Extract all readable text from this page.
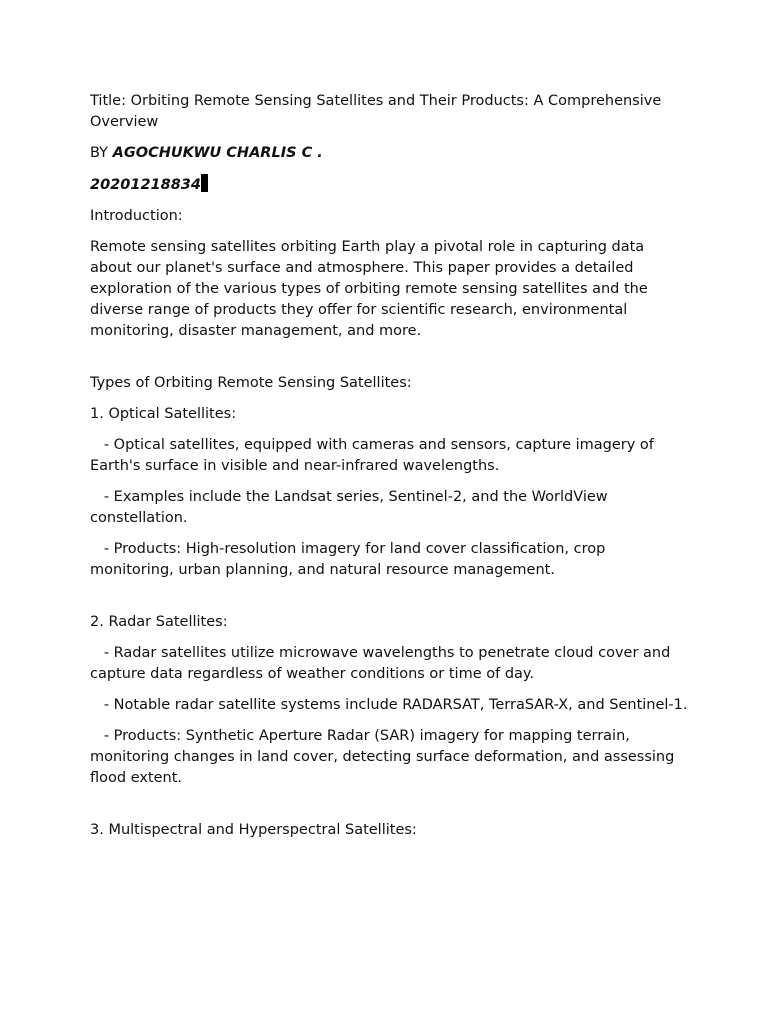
Title: Orbiting Remote Sensing Satellites and Their Products: A Comprehensive Overview

BY AGOCHUKWU CHARLIS C .

20201218834

Introduction:

Remote sensing satellites orbiting Earth play a pivotal role in capturing data about our planet's surface and atmosphere. This paper provides a detailed exploration of the various types of orbiting remote sensing satellites and the diverse range of products they offer for scientific research, environmental monitoring, disaster management, and more.

Types of Orbiting Remote Sensing Satellites:

1. Optical Satellites:

- Optical satellites, equipped with cameras and sensors, capture imagery of Earth's surface in visible and near-infrared wavelengths.

- Examples include the Landsat series, Sentinel-2, and the WorldView constellation.

- Products: High-resolution imagery for land cover classification, crop monitoring, urban planning, and natural resource management.

2. Radar Satellites:

- Radar satellites utilize microwave wavelengths to penetrate cloud cover and capture data regardless of weather conditions or time of day.

- Notable radar satellite systems include RADARSAT, TerraSAR-X, and Sentinel-1.

- Products: Synthetic Aperture Radar (SAR) imagery for mapping terrain, monitoring changes in land cover, detecting surface deformation, and assessing flood extent.

3. Multispectral and Hyperspectral Satellites:
